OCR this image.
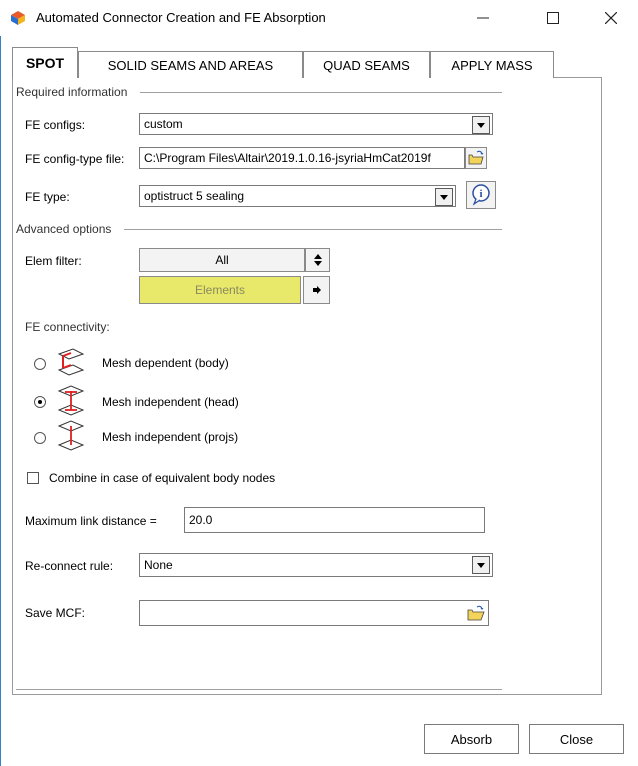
Automated Connector Creation and FE Absorption
SPOT	SOLID SEAMS AND AREAS	QUAD SEAMS	APPLY MASS
Required information
FE configs:	custom
FE config-type file: C:\Program Files\Altair\2019.1.0.16-jsyriaHmCat2019f
FE type:	optistruct 5 sealing	i
Advanced options
Elem filter:	All
Elements
FE connectivity:
Mesh dependent (body)
Mesh independent (head)
Mesh independent (projs)
Combine in case of equivalent body nodes
Maximum link distance =	20.0
Re-connect rule:	None
Save MCF:
Absorb	Close
